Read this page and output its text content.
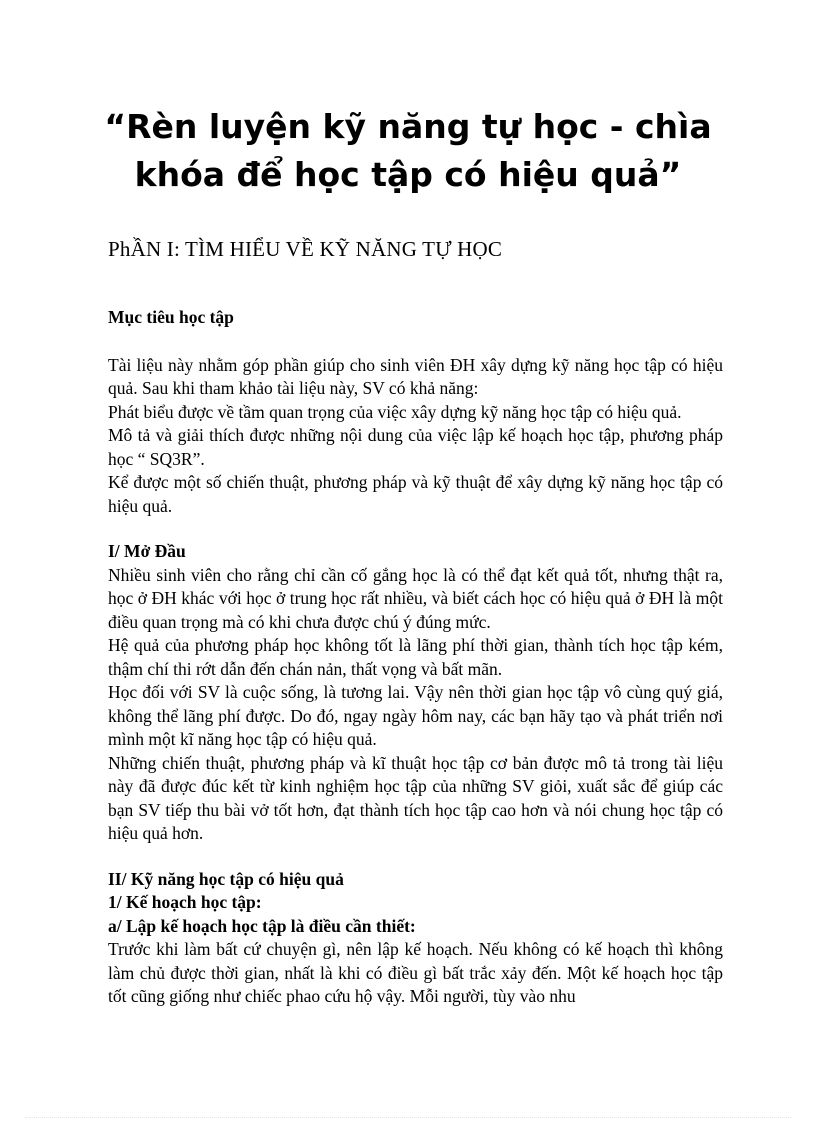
“Rèn luyện kỹ năng tự học - chìa
khóa để học tập có hiệu quả”
PhẦN I: TÌM HIỂU VỀ KỸ NĂNG TỰ HỌC

Mục tiêu học tập

Tài liệu này nhằm góp phần giúp cho sinh viên ĐH xây dựng kỹ năng học tập có hiệu quả. Sau khi tham khảo tài liệu này, SV có khả năng:

Phát biểu được về tầm quan trọng của việc xây dựng kỹ năng học tập có hiệu quả.

Mô tả và giải thích được những nội dung của việc lập kế hoạch học tập, phương pháp học “ SQ3R”.

Kể được một số chiến thuật, phương pháp và kỹ thuật để xây dựng kỹ năng học tập có hiệu quả.

I/ Mở Đầu

Nhiều sinh viên cho rằng chỉ cần cố gắng học là có thể đạt kết quả tốt, nhưng thật ra, học ở ĐH khác với học ở trung học rất nhiều, và biết cách học có hiệu quả ở ĐH là một điều quan trọng mà có khi chưa được chú ý đúng mức.

Hệ quả của phương pháp học không tốt là lãng phí thời gian, thành tích học tập kém, thậm chí thi rớt dẫn đến chán nản, thất vọng và bất mãn.

Học đối với SV là cuộc sống, là tương lai. Vậy nên thời gian học tập vô cùng quý giá, không thể lãng phí được. Do đó, ngay ngày hôm nay, các bạn hãy tạo và phát triển nơi mình một kĩ năng học tập có hiệu quả.

Những chiến thuật, phương pháp và kĩ thuật học tập cơ bản được mô tả trong tài liệu này đã được đúc kết từ kinh nghiệm học tập của những SV giỏi, xuất sắc để giúp các bạn SV tiếp thu bài vở tốt hơn, đạt thành tích học tập cao hơn và nói chung học tập có hiệu quả hơn.

II/ Kỹ năng học tập có hiệu quả

1/ Kế hoạch học tập:

a/ Lập kế hoạch học tập là điều cần thiết:

Trước khi làm bất cứ chuyện gì, nên lập kế hoạch. Nếu không có kế hoạch thì không làm chủ được thời gian, nhất là khi có điều gì bất trắc xảy đến. Một kế hoạch học tập tốt cũng giống như chiếc phao cứu hộ vậy. Mỗi người, tùy vào nhu
